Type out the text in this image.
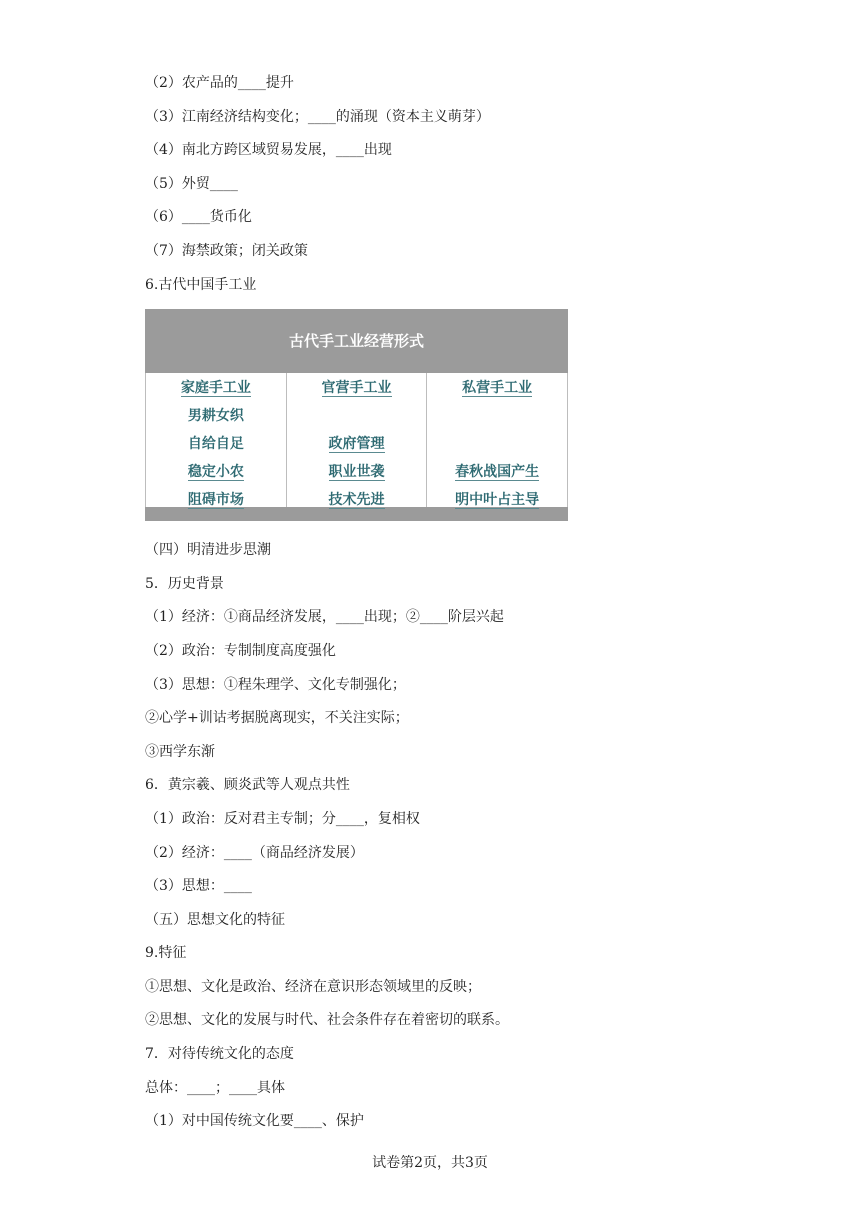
（2）农产品的____提升
（3）江南经济结构变化；____的涌现（资本主义萌芽）
（4）南北方跨区域贸易发展，____出现
（5）外贸____
（6）____货币化
（7）海禁政策；闭关政策
6.古代中国手工业
古代手工业经营形式
家庭手工业
男耕女织
自给自足
稳定小农
阻碍市场
官营手工业
政府管理
职业世袭
技术先进
私营手工业
春秋战国产生
明中叶占主导
（四）明清进步思潮
5．历史背景
（1）经济：①商品经济发展，____出现；②____阶层兴起
（2）政治：专制制度高度强化
（3）思想：①程朱理学、文化专制强化；
②心学+训诂考据脱离现实，不关注实际；
③西学东渐
6．黄宗羲、顾炎武等人观点共性
（1）政治：反对君主专制；分____，复相权
（2）经济：____（商品经济发展）
（3）思想：____
（五）思想文化的特征
9.特征
①思想、文化是政治、经济在意识形态领域里的反映；
②思想、文化的发展与时代、社会条件存在着密切的联系。
7．对待传统文化的态度
总体：____；____具体
（1）对中国传统文化要____、保护
试卷第2页，共3页
